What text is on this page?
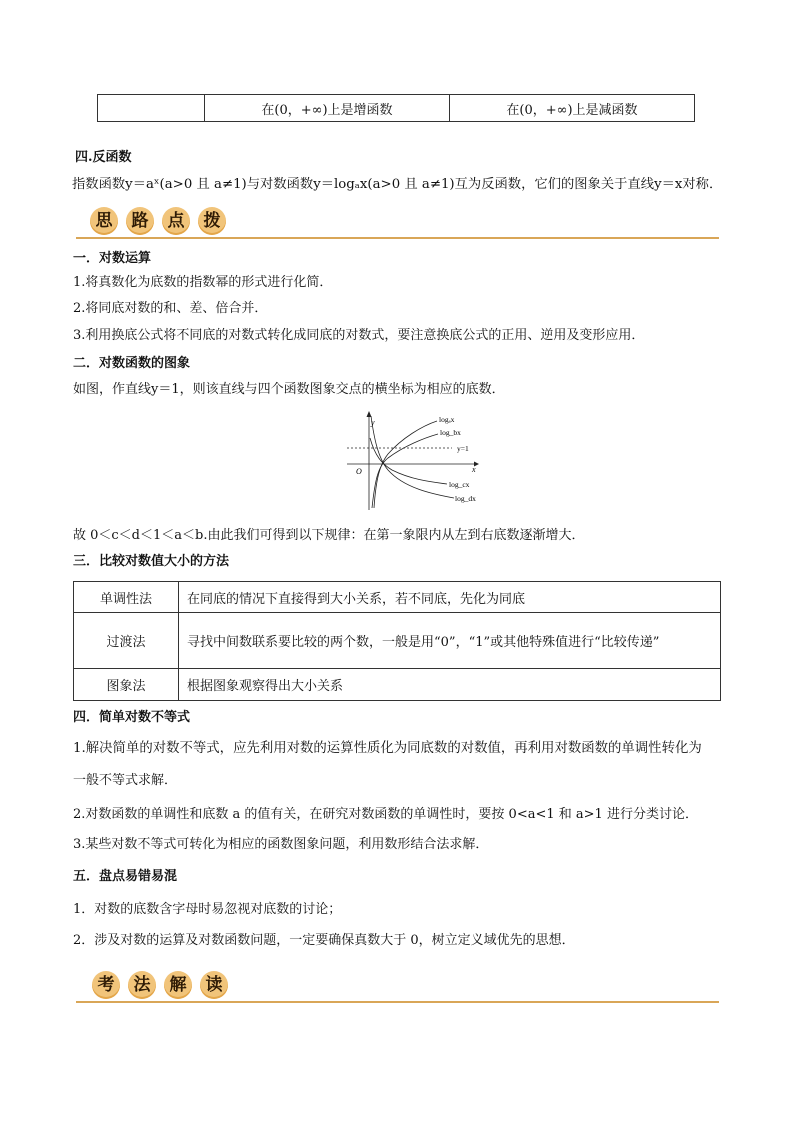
	在(0，+∞)上是增函数	在(0，+∞)上是减函数
四.反函数
指数函数y＝aˣ(a>0 且 a≠1)与对数函数y＝logₐx(a>0 且 a≠1)互为反函数，它们的图象关于直线y＝x对称．
思 路 点 拨
一．对数运算
1.将真数化为底数的指数幂的形式进行化简．
2.将同底对数的和、差、倍合并．
3.利用换底公式将不同底的对数式转化成同底的对数式，要注意换底公式的正用、逆用及变形应用．
二．对数函数的图象
如图，作直线y＝1，则该直线与四个函数图象交点的横坐标为相应的底数．
y
x
O
y=1
logₐx
log_bx
log_cx
log_dx
故 0＜c＜d＜1＜a＜b.由此我们可得到以下规律：在第一象限内从左到右底数逐渐增大．
三．比较对数值大小的方法
单调性法	在同底的情况下直接得到大小关系，若不同底，先化为同底
过渡法	寻找中间数联系要比较的两个数，一般是用“0”，“1”或其他特殊值进行“比较传递”
图象法	根据图象观察得出大小关系
四．简单对数不等式
1.解决简单的对数不等式，应先利用对数的运算性质化为同底数的对数值，再利用对数函数的单调性转化为
一般不等式求解．
2.对数函数的单调性和底数 a 的值有关，在研究对数函数的单调性时，要按 0<a<1 和 a>1 进行分类讨论．
3.某些对数不等式可转化为相应的函数图象问题，利用数形结合法求解．
五．盘点易错易混
1．对数的底数含字母时易忽视对底数的讨论；
2．涉及对数的运算及对数函数问题，一定要确保真数大于 0，树立定义域优先的思想．
考 法 解 读
